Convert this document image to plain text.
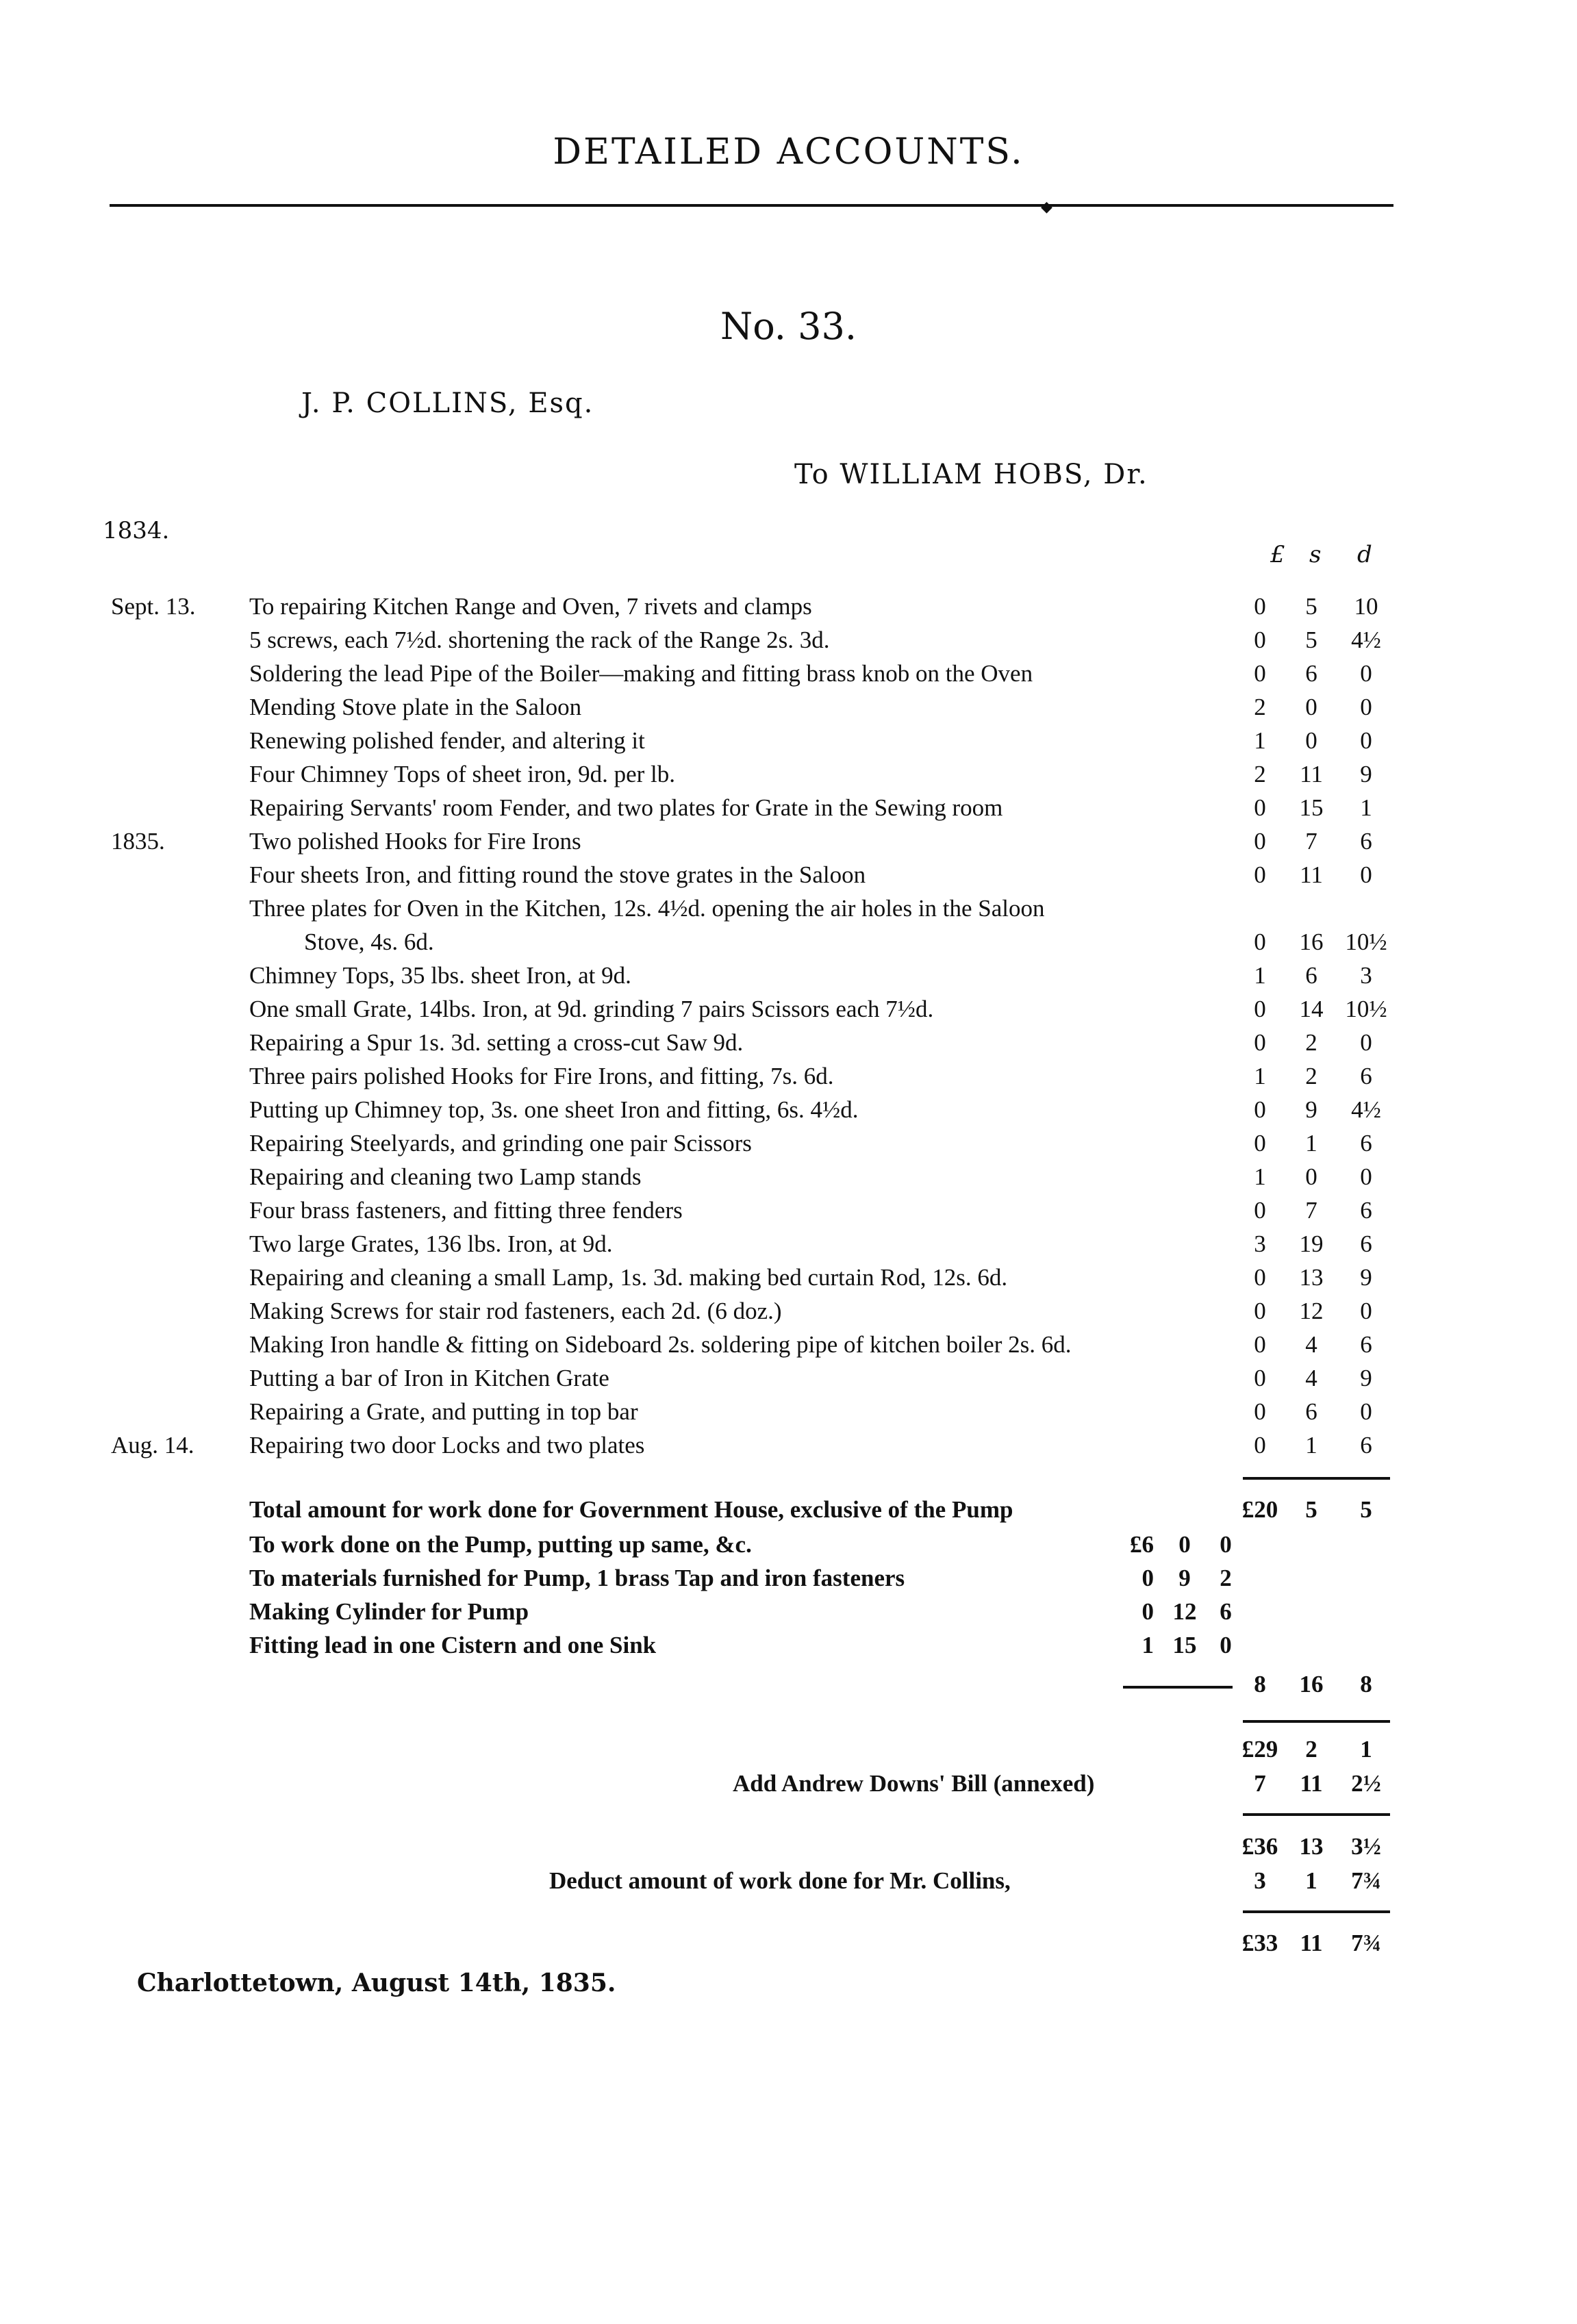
DETAILED ACCOUNTS.
◆
No. 33.
J. P. COLLINS, Esq.
To WILLIAM HOBS, Dr.
1834.
£ s d
Sept. 13. To repairing Kitchen Range and Oven, 7 rivets and clamps	0	5	10
5 screws, each 7½d. shortening the rack of the Range 2s. 3d.	0	5	4½
Soldering the lead Pipe of the Boiler—making and fitting brass knob on the Oven	0	6	0
Mending Stove plate in the Saloon	2	0	0
Renewing polished fender, and altering it	1	0	0
Four Chimney Tops of sheet iron, 9d. per lb.	2	11	9
Repairing Servants' room Fender, and two plates for Grate in the Sewing room	0	15	1
1835.	Two polished Hooks for Fire Irons	0	7	6
Four sheets Iron, and fitting round the stove grates in the Saloon	0	11	0
Three plates for Oven in the Kitchen, 12s. 4½d. opening the air holes in the Saloon
Stove, 4s. 6d.	0	16 10½
Chimney Tops, 35 lbs. sheet Iron, at 9d.	1	6	3
One small Grate, 14lbs. Iron, at 9d. grinding 7 pairs Scissors each 7½d.	0	14 10½
Repairing a Spur 1s. 3d. setting a cross-cut Saw 9d.	0	2	0
Three pairs polished Hooks for Fire Irons, and fitting, 7s. 6d.	1	2	6
Putting up Chimney top, 3s. one sheet Iron and fitting, 6s. 4½d.	0	9	4½
Repairing Steelyards, and grinding one pair Scissors	0	1	6
Repairing and cleaning two Lamp stands	1	0	0
Four brass fasteners, and fitting three fenders	0	7	6
Two large Grates, 136 lbs. Iron, at 9d.	3	19	6
Repairing and cleaning a small Lamp, 1s. 3d. making bed curtain Rod, 12s. 6d.	0	13	9
Making Screws for stair rod fasteners, each 2d. (6 doz.)	0	12	0
Making Iron handle & fitting on Sideboard 2s. soldering pipe of kitchen boiler 2s. 6d.	0	4	6
Putting a bar of Iron in Kitchen Grate	0	4	9
Repairing a Grate, and putting in top bar	0	6	0
Aug. 14. Repairing two door Locks and two plates	0	1	6
Total amount for work done for Government House, exclusive of the Pump	£20	5	5
To work done on the Pump, putting up same, &c.	£6	0	0
To materials furnished for Pump, 1 brass Tap and iron fasteners	0	9	2
Making Cylinder for Pump	0 12 6
Fitting lead in one Cistern and one Sink	1 15 0
8	16	8
£29	2	1
Add Andrew Downs' Bill (annexed)	7	11	2½
£36 13	3½
Deduct amount of work done for Mr. Collins,	3	1	7¾
£33 11	7¾
Charlottetown, August 14th, 1835.
